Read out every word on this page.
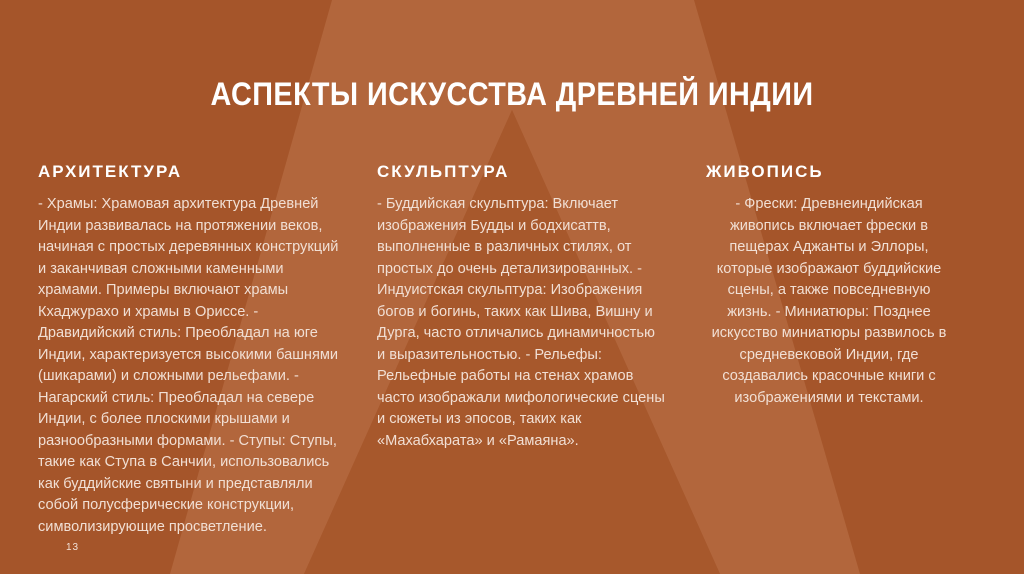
АСПЕКТЫ ИСКУССТВА ДРЕВНЕЙ ИНДИИ
АРХИТЕКТУРА
- Храмы: Храмовая архитектура Древней Индии развивалась на протяжении веков, начиная с простых деревянных конструкций и заканчивая сложными каменными храмами. Примеры включают храмы Кхаджурахо и храмы в Ориссе. - Дравидийский стиль: Преобладал на юге Индии, характеризуется высокими башнями (шикарами) и сложными рельефами. - Нагарский стиль: Преобладал на севере Индии, с более плоскими крышами и разнообразными формами. - Ступы: Ступы, такие как Ступа в Санчии, использовались как буддийские святыни и представляли собой полусферические конструкции, символизирующие просветление.
СКУЛЬПТУРА
- Буддийская скульптура: Включает изображения Будды и бодхисаттв, выполненные в различных стилях, от простых до очень детализированных. - Индуистская скульптура: Изображения богов и богинь, таких как Шива, Вишну и Дурга, часто отличались динамичностью и выразительностью. - Рельефы: Рельефные работы на стенах храмов часто изображали мифологические сцены и сюжеты из эпосов, таких как «Махабхарата» и «Рамаяна».
ЖИВОПИСЬ
- Фрески: Древнеиндийская живопись включает фрески в пещерах Аджанты и Эллоры, которые изображают буддийские сцены, а также повседневную жизнь. - Миниатюры: Позднее искусство миниатюры развилось в средневековой Индии, где создавались красочные книги с изображениями и текстами.
13
